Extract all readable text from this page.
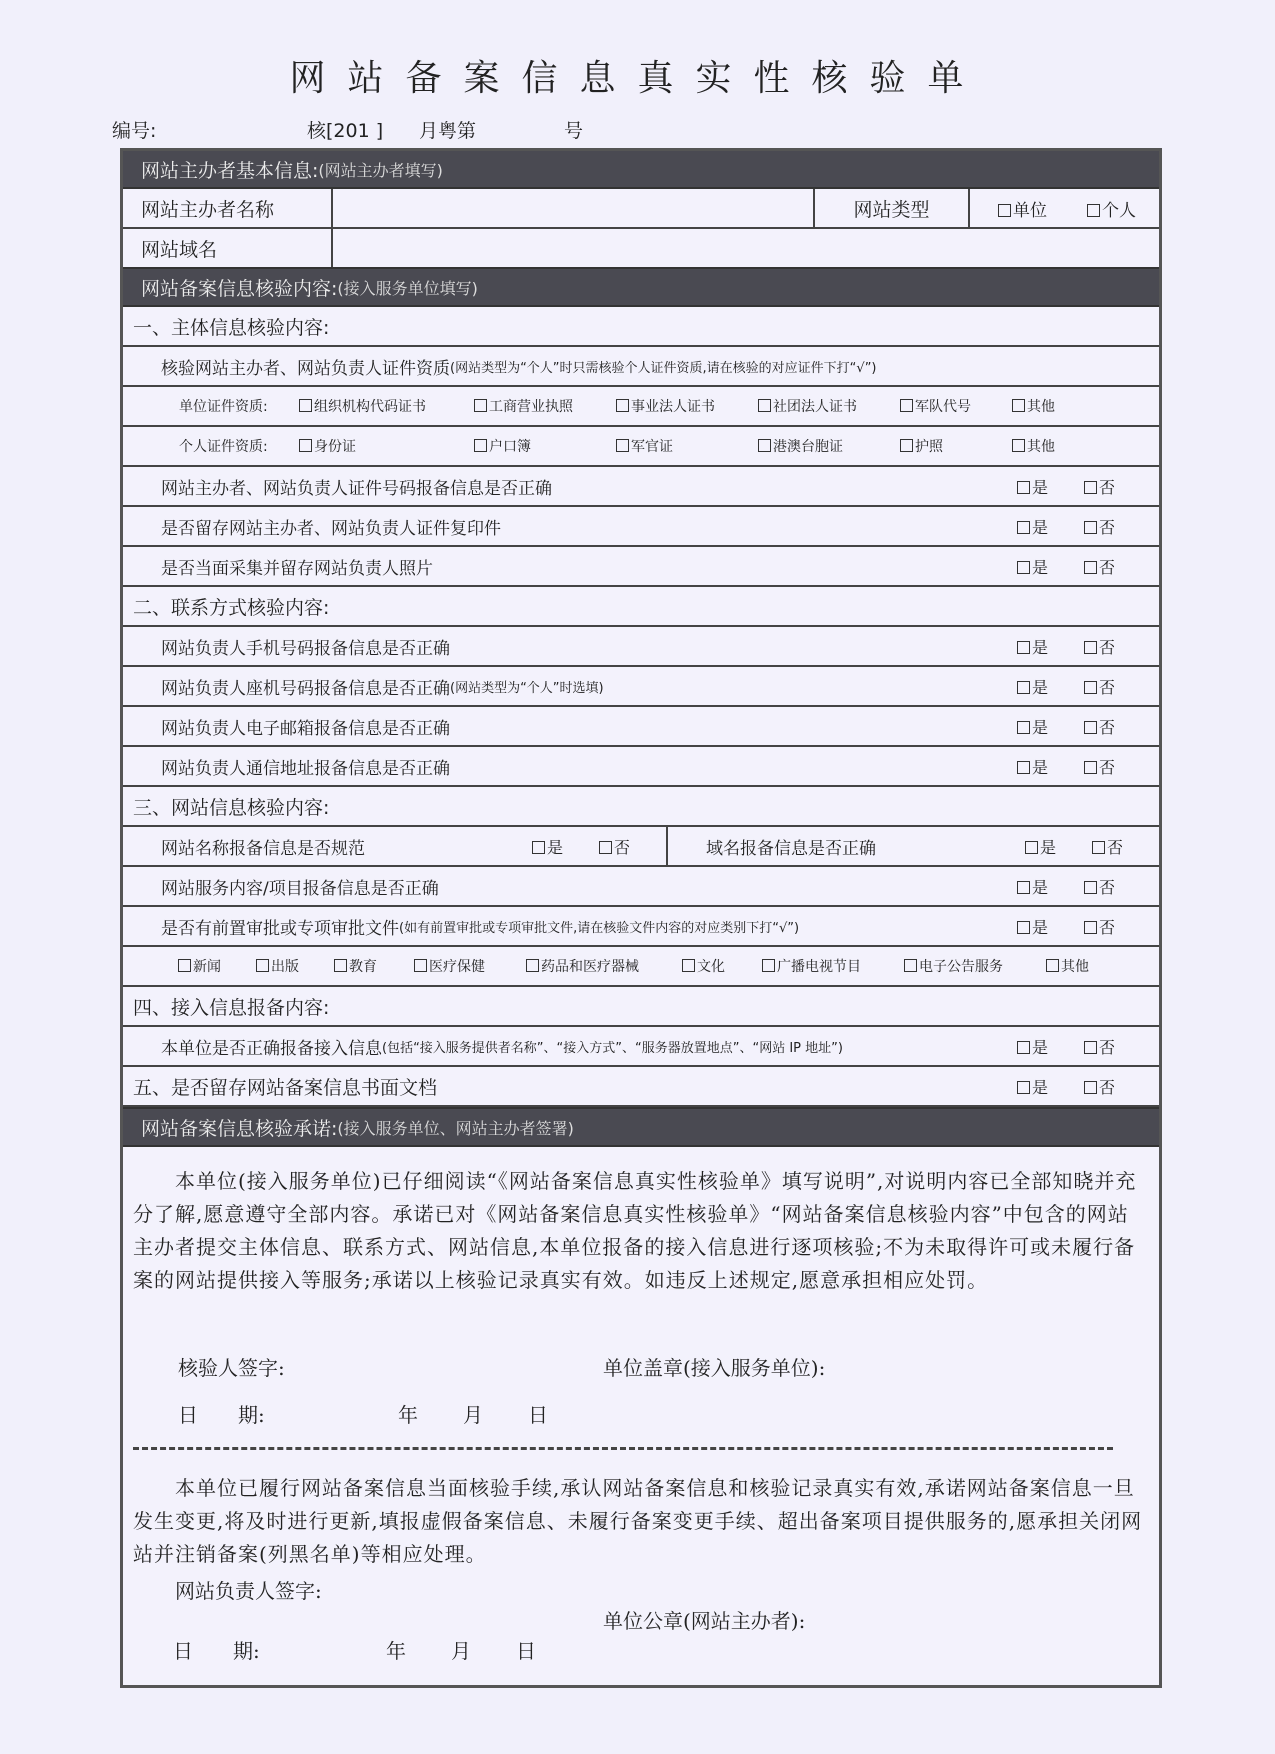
网站备案信息真实性核验单
编号:	核[201 ]	月粤第	号
网站主办者基本信息: (网站主办者填写)
网站主办者名称	网站类型	单位	个人
网站域名
网站备案信息核验内容: (接入服务单位填写)
一、主体信息核验内容:
核验网站主办者、网站负责人证件资质 (网站类型为“个人”时只需核验个人证件资质,请在核验的对应证件下打“√”)
单位证件资质:	组织机构代码证书	工商营业执照	事业法人证书	社团法人证书	军队代号	其他
个人证件资质:	身份证	户口簿	军官证	港澳台胞证	护照	其他
网站主办者、网站负责人证件号码报备信息是否正确	是	否
是否留存网站主办者、网站负责人证件复印件	是	否
是否当面采集并留存网站负责人照片	是	否
二、联系方式核验内容:
网站负责人手机号码报备信息是否正确	是	否
网站负责人座机号码报备信息是否正确 (网站类型为“个人”时选填)	是	否
网站负责人电子邮箱报备信息是否正确	是	否
网站负责人通信地址报备信息是否正确	是	否
三、网站信息核验内容:
网站名称报备信息是否规范	是	否	域名报备信息是否正确	是	否
网站服务内容/项目报备信息是否正确	是	否
是否有前置审批或专项审批文件 (如有前置审批或专项审批文件,请在核验文件内容的对应类别下打“√”)	是	否
新闻	出版	教育	医疗保健	药品和医疗器械	文化	广播电视节目	电子公告服务	其他
四、接入信息报备内容:
本单位是否正确报备接入信息 (包括“接入服务提供者名称”、“接入方式”、“服务器放置地点”、“网站 IP 地址”)	是	否
五、是否留存网站备案信息书面文档	是	否
网站备案信息核验承诺: (接入服务单位、网站主办者签署)

本单位(接入服务单位)已仔细阅读“《网站备案信息真实性核验单》填写说明”,对说明内容已全部知晓并充分了解,愿意遵守全部内容。承诺已对《网站备案信息真实性核验单》“网站备案信息核验内容”中包含的网站主办者提交主体信息、联系方式、网站信息,本单位报备的接入信息进行逐项核验;不为未取得许可或未履行备案的网站提供接入等服务;承诺以上核验记录真实有效。如违反上述规定,愿意承担相应处罚。

核验人签字:	单位盖章(接入服务单位):
日　　期:	年 月 日

本单位已履行网站备案信息当面核验手续,承认网站备案信息和核验记录真实有效,承诺网站备案信息一旦发生变更,将及时进行更新,填报虚假备案信息、未履行备案变更手续、超出备案项目提供服务的,愿承担关闭网站并注销备案(列黑名单)等相应处理。

网站负责人签字:
单位公章(网站主办者):
日　　期:	年 月 日
